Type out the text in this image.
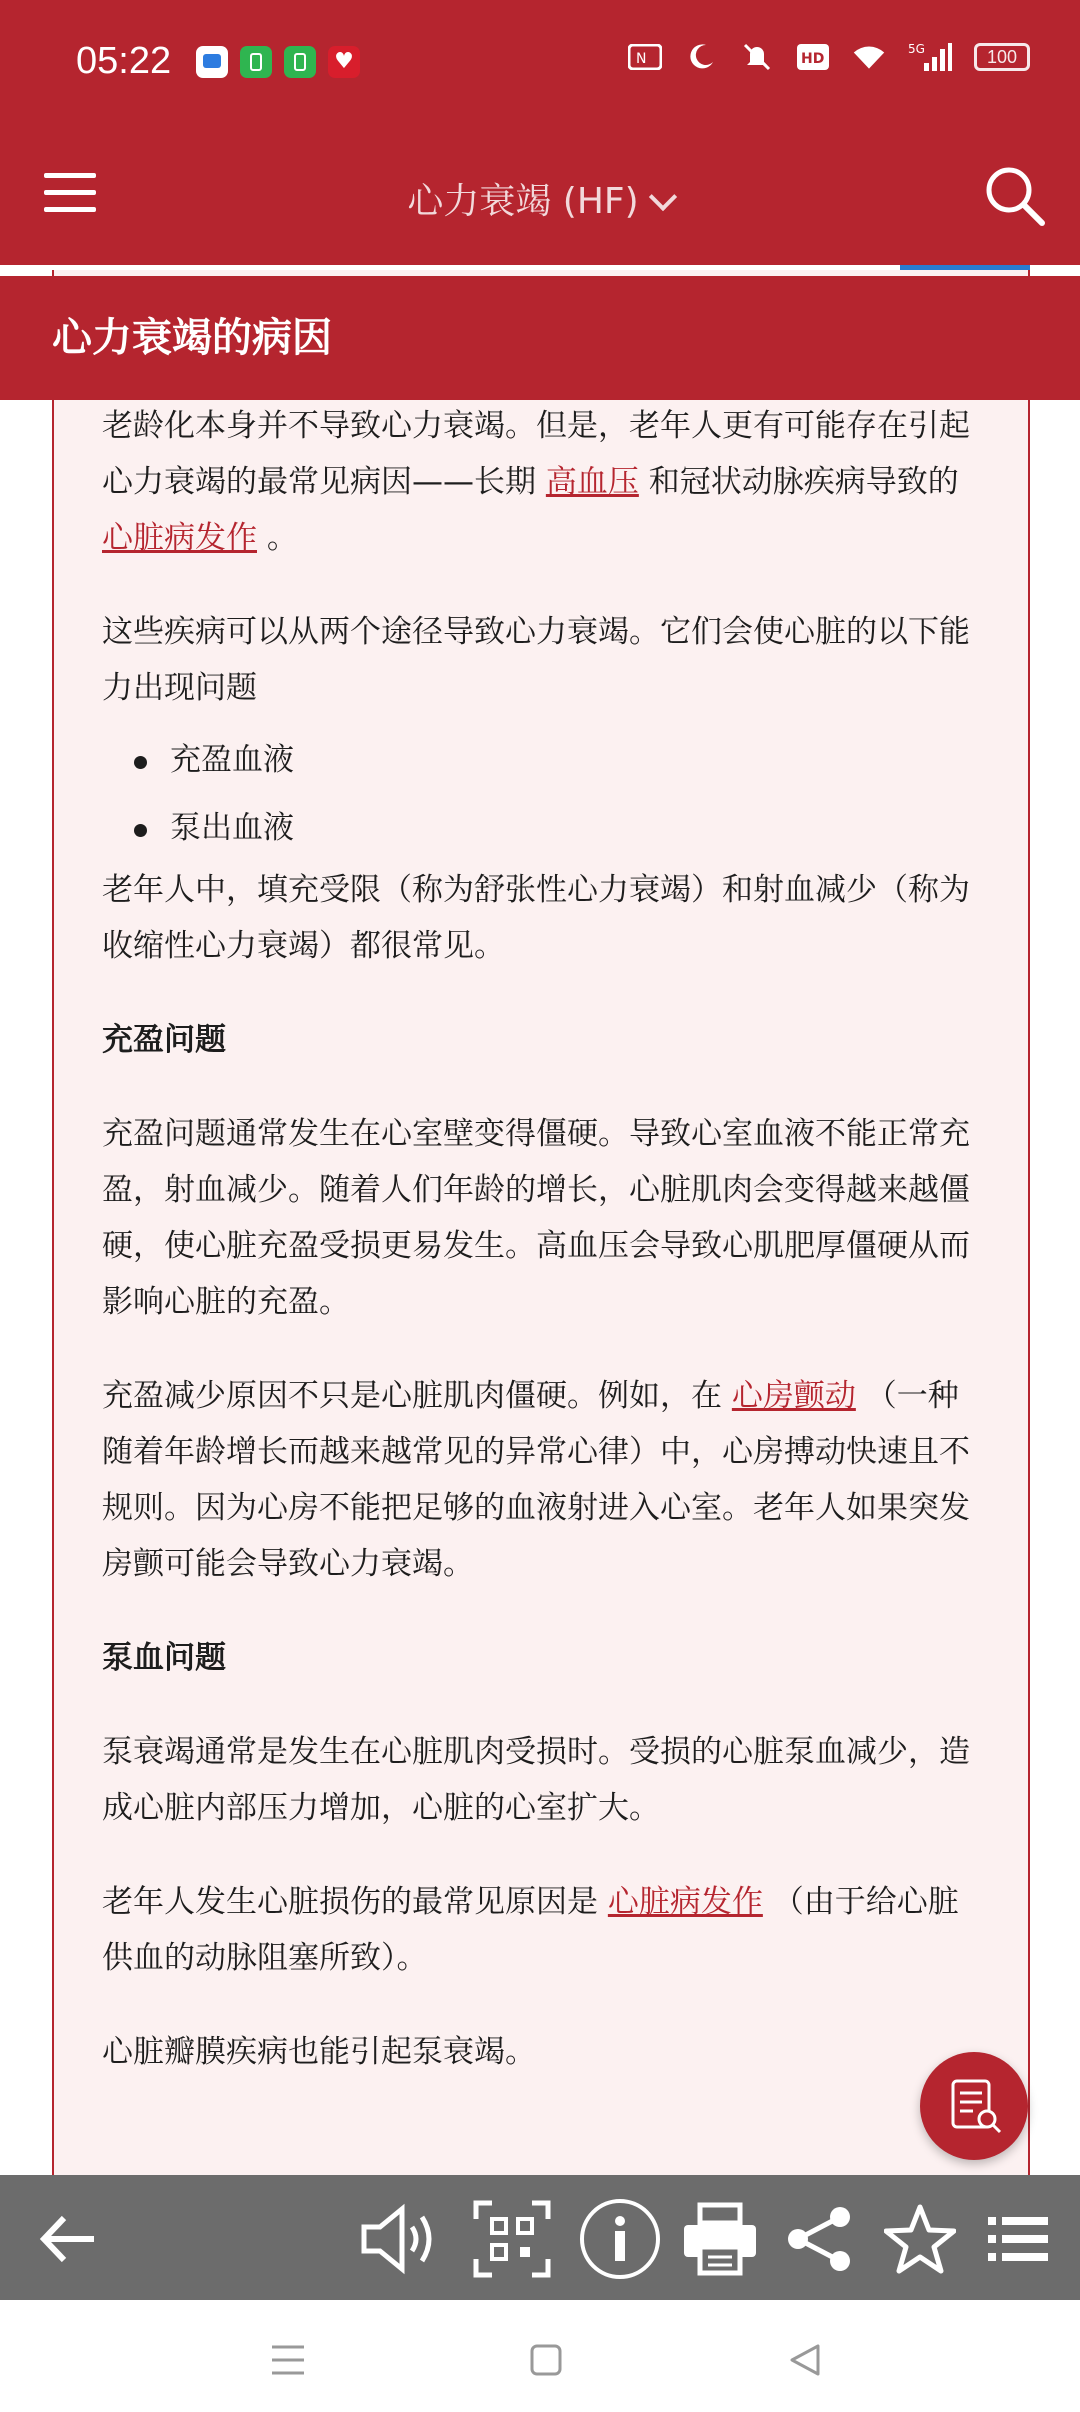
05:22	♥	N	HD
5G	100
心力衰竭 (HF)
心力衰竭的病因

老龄化本身并不导致心力衰竭。但是，老年人更有可能存在引起心力衰竭的最常见病因——长期 高血压 和冠状动脉疾病导致的 心脏病发作 。

这些疾病可以从两个途径导致心力衰竭。它们会使心脏的以下能力出现问题

充盈血液
泵出血液

老年人中，填充受限（称为舒张性心力衰竭）和射血减少（称为收缩性心力衰竭）都很常见。

充盈问题

充盈问题通常发生在心室壁变得僵硬。导致心室血液不能正常充盈，射血减少。随着人们年龄的增长，心脏肌肉会变得越来越僵硬，使心脏充盈受损更易发生。高血压会导致心肌肥厚僵硬从而影响心脏的充盈。

充盈减少原因不只是心脏肌肉僵硬。例如，在 心房颤动 （一种随着年龄增长而越来越常见的异常心律）中，心房搏动快速且不规则。因为心房不能把足够的血液射进入心室。老年人如果突发房颤可能会导致心力衰竭。

泵血问题

泵衰竭通常是发生在心脏肌肉受损时。受损的心脏泵血减少，造成心脏内部压力增加，心脏的心室扩大。

老年人发生心脏损伤的最常见原因是 心脏病发作 （由于给心脏供血的动脉阻塞所致）。

心脏瓣膜疾病也能引起泵衰竭。
